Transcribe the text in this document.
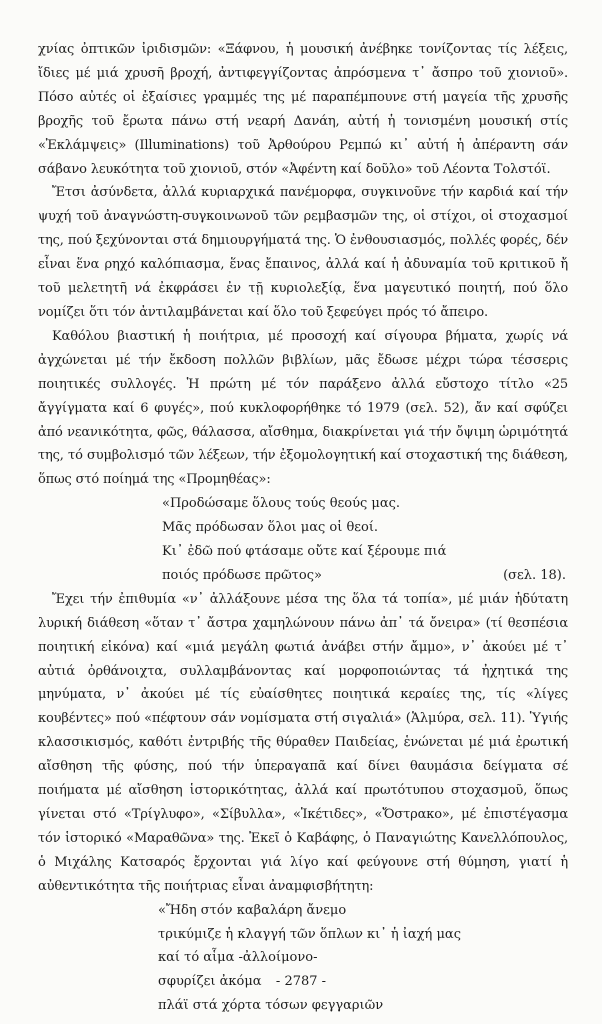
χνίας ὀπτικῶν ἰριδισμῶν: «Ξάφνου, ἡ μουσική ἀνέβηκε τονίζοντας τίς λέξεις, ἴδιες μέ μιά χρυσῆ βροχή, ἀντιφεγγίζοντας ἀπρόσμενα τ᾽ ἄσπρο τοῦ χιονιοῦ». Πόσο αὐτές οἱ ἐξαίσιες γραμμές της μέ παραπέμπουνε στή μαγεία τῆς χρυσῆς βροχῆς τοῦ ἔρωτα πάνω στή νεαρή Δανάη, αὐτή ἡ τονισμένη μουσική στίς «Ἐκλάμψεις» (Illuminations) τοῦ Ἀρθούρου Ρεμπώ κι᾽ αὐτή ἡ ἀπέραντη σάν σάβανο λευκότητα τοῦ χιονιοῦ, στόν «Ἀφέντη καί δοῦλο» τοῦ Λέοντα Τολστόϊ.

Ἔτσι ἀσύνδετα, ἀλλά κυριαρχικά πανέμορφα, συγκινοῦνε τήν καρδιά καί τήν ψυχή τοῦ ἀναγνώστη-συγκοινωνοῦ τῶν ρεμβασμῶν της, οἱ στίχοι, οἱ στοχασμοί της, πού ξεχύνονται στά δημιουργήματά της. Ὁ ἐνθουσιασμός, πολλές φορές, δέν εἶναι ἕνα ρηχό καλόπιασμα, ἕνας ἔπαινος, ἀλλά καί ἡ ἀδυναμία τοῦ κριτικοῦ ἤ τοῦ μελετητῆ νά ἐκφράσει ἐν τῇ κυριολεξίᾳ, ἕνα μαγευτικό ποιητή, πού ὅλο νομίζει ὅτι τόν ἀντιλαμβάνεται καί ὅλο τοῦ ξεφεύγει πρός τό ἄπειρο.

Καθόλου βιαστική ἡ ποιήτρια, μέ προσοχή καί σίγουρα βήματα, χωρίς νά ἀγχώνεται μέ τήν ἔκδοση πολλῶν βιβλίων, μᾶς ἔδωσε μέχρι τώρα τέσσερις ποιητικές συλλογές. Ἡ πρώτη μέ τόν παράξενο ἀλλά εὔστοχο τίτλο «25 ἄγγίγματα καί 6 φυγές», πού κυκλοφορήθηκε τό 1979 (σελ. 52), ἄν καί σφύζει ἀπό νεανικότητα, φῶς, θάλασσα, αἴσθημα, διακρίνεται γιά τήν ὄψιμη ὡριμότητά της, τό συμβολισμό τῶν λέξεων, τήν ἐξομολογητική καί στοχαστική της διάθεση, ὅπως στό ποίημά της «Προμηθέας»:

«Προδώσαμε ὅλους τούς θεούς μας.
Μᾶς πρόδωσαν ὅλοι μας οἱ θεοί.
Κι᾽ ἐδῶ πού φτάσαμε οὔτε καί ξέρουμε πιά
ποιός πρόδωσε πρῶτος»	(σελ. 18).

Ἔχει τήν ἐπιθυμία «ν᾽ ἀλλάξουνε μέσα της ὅλα τά τοπία», μέ μιάν ἡδύτατη λυρική διάθεση «ὅταν τ᾽ ἄστρα χαμηλώνουν πάνω ἀπ᾽ τά ὄνειρα» (τί θεσπέσια ποιητική εἰκόνα) καί «μιά μεγάλη φωτιά ἀνάβει στήν ἄμμο», ν᾽ ἀκούει μέ τ᾽ αὐτιά ὀρθάνοιχτα, συλλαμβάνοντας καί μορφοποιώντας τά ἠχητικά της μηνύματα, ν᾽ ἀκούει μέ τίς εὐαίσθητες ποιητικά κεραίες της, τίς «λίγες κουβέντες» πού «πέφτουν σάν νομίσματα στή σιγαλιά» (Ἁλμύρα, σελ. 11). Ὑγιής κλασσικισμός, καθότι ἐντριβής τῆς θύραθεν Παιδείας, ἑνώνεται μέ μιά ἐρωτική αἴσθηση τῆς φύσης, πού τήν ὑπεραγαπᾶ καί δίνει θαυμάσια δείγματα σέ ποιήματα μέ αἴσθηση ἱστορικότητας, ἀλλά καί πρωτότυπου στοχασμοῦ, ὅπως γίνεται στό «Τρίγλυφο», «Σίβυλλα», «Ἱκέτιδες», «Ὄστρακο», μέ ἐπιστέγασμα τόν ἱστορικό «Μαραθῶνα» της. Ἐκεῖ ὁ Καβάφης, ὁ Παναγιώτης Κανελλόπουλος, ὁ Μιχάλης Κατσαρός ἔρχονται γιά λίγο καί φεύγουνε στή θύμηση, γιατί ἡ αὐθεντικότητα τῆς ποιήτριας εἶναι ἀναμφισβήτητη:

«Ἤδη στόν καβαλάρη ἄνεμο
τρικύμιζε ἡ κλαγγή τῶν ὅπλων κι᾽ ἡ ἰαχή μας
καί τό αἷμα -ἀλλοίμονο-
σφυρίζει ἀκόμα
πλάϊ στά χόρτα τόσων φεγγαριῶν
- 2787 -
